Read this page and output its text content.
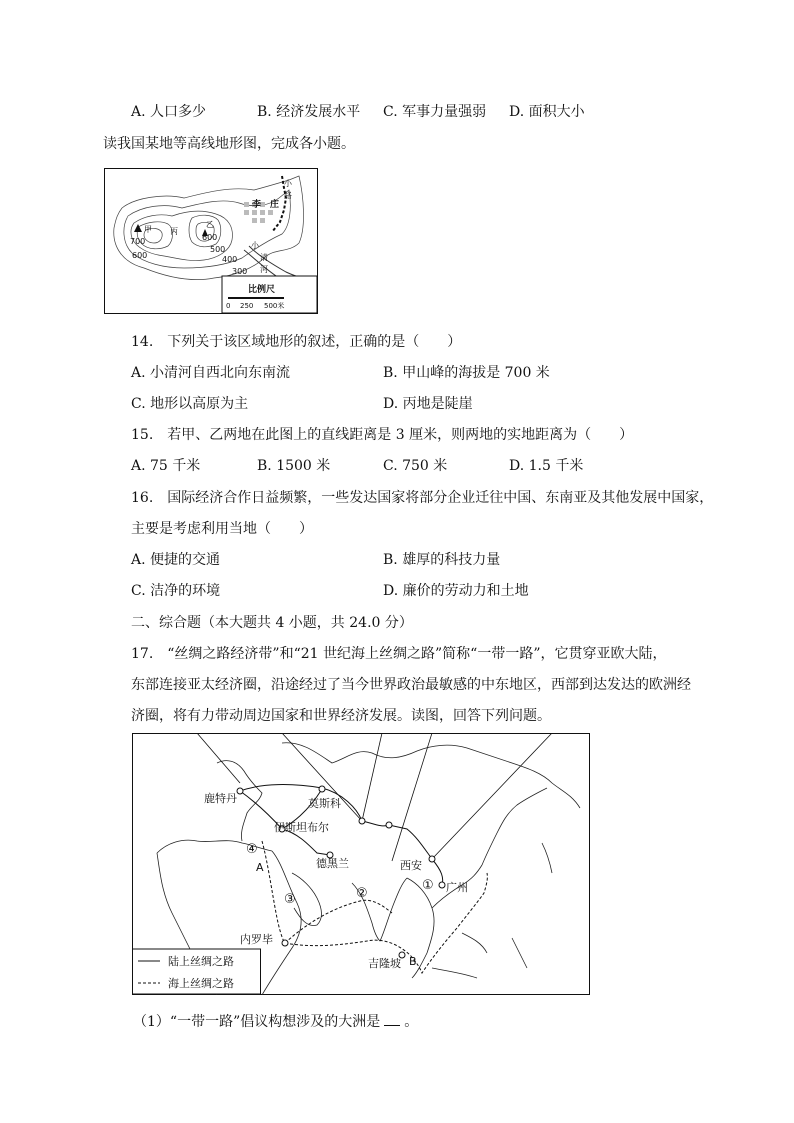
A. 人口多少	B. 经济发展水平 C. 军事力量强弱 D. 面积大小
读我国某地等高线地形图，完成各小题。
甲
乙
丙
李　庄
700
600
600
500
400
300
小
清
河
小
路
比例尺
0 250 500米
14.　下列关于该区域地形的叙述，正确的是（　　）
A. 小清河自西北向东南流	B. 甲山峰的海拔是 700 米
C. 地形以高原为主	D. 丙地是陡崖
15.　若甲、乙两地在此图上的直线距离是 3 厘米，则两地的实地距离为（　　）
A. 75 千米	B. 1500 米	C. 750 米	D. 1.5 千米
16.　国际经济合作日益频繁，一些发达国家将部分企业迁往中国、东南亚及其他发展中国家，
主要是考虑利用当地（　　）
A. 便捷的交通	B. 雄厚的科技力量
C. 洁净的环境	D. 廉价的劳动力和土地
二、综合题（本大题共 4 小题，共 24.0 分）
17.　“丝绸之路经济带”和“21 世纪海上丝绸之路”简称“一带一路”，它贯穿亚欧大陆，
东部连接亚太经济圈，沿途经过了当今世界政治最敏感的中东地区，西部到达发达的欧洲经
济圈，将有力带动周边国家和世界经济发展。读图，回答下列问题。
鹿特丹	莫斯科
伊斯坦布尔
德黑兰	西安
广州
内罗毕
吉隆坡
A
B
④
③	②
①
陆上丝绸之路
海上丝绸之路
（1）“一带一路”倡议构想涉及的大洲是 。
